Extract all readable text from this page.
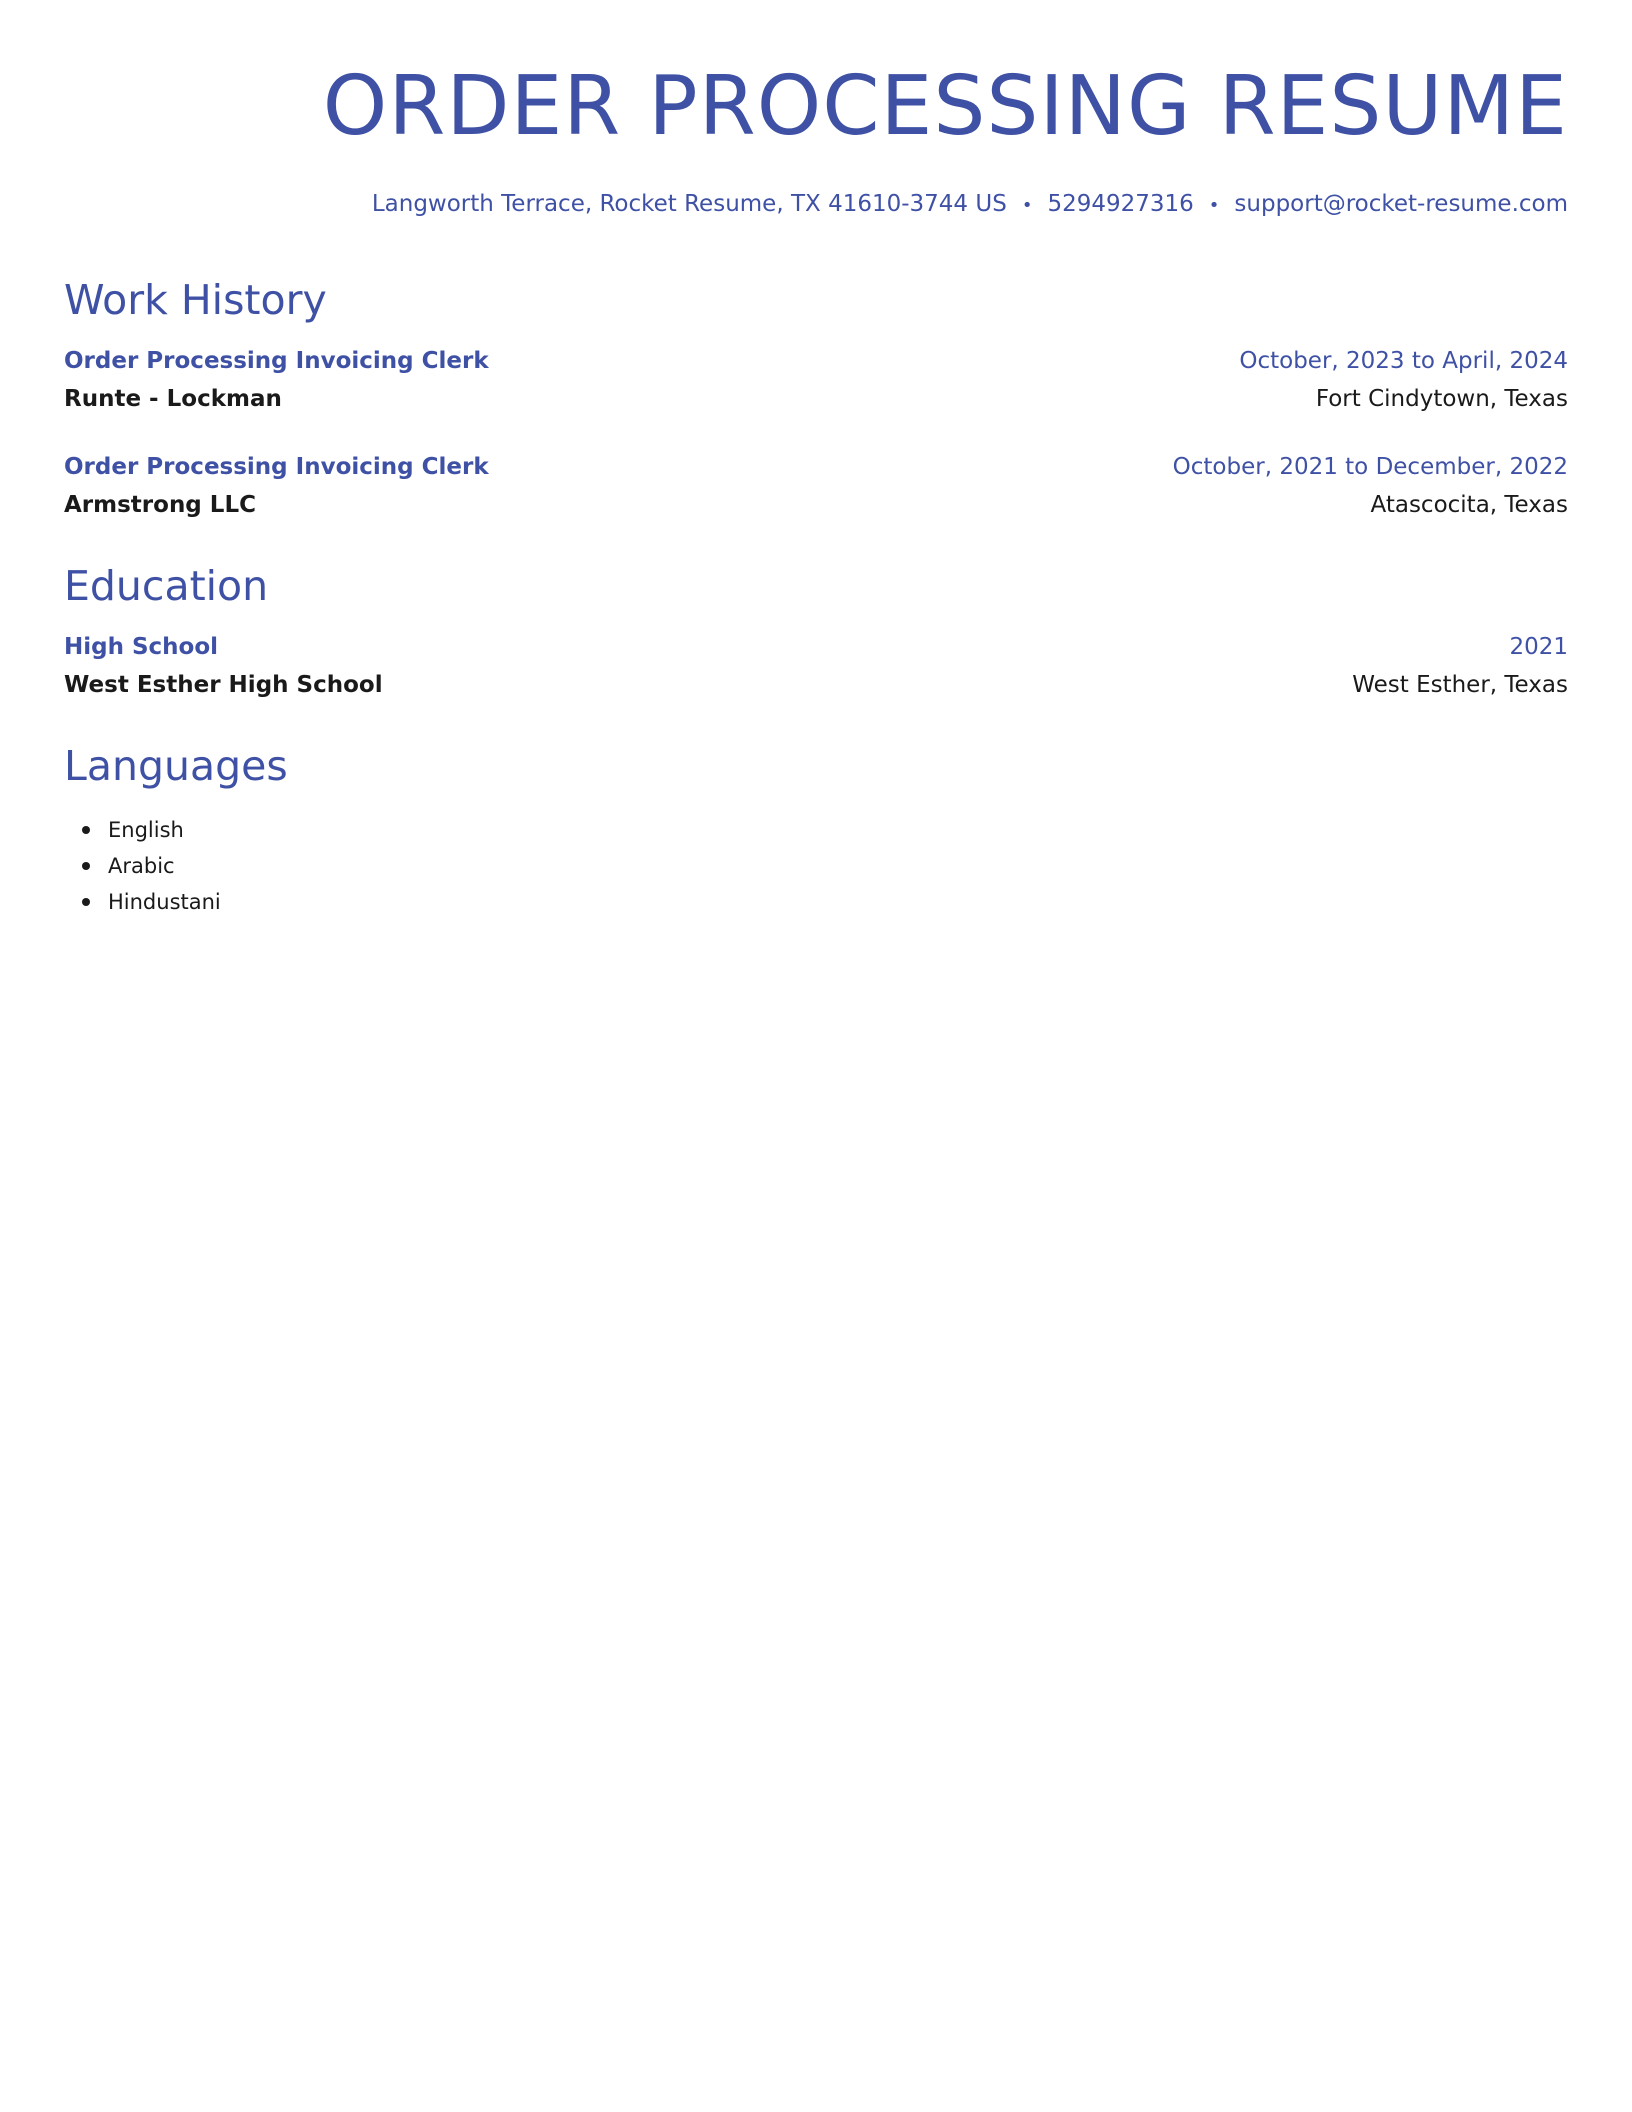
ORDER PROCESSING RESUME
Langworth Terrace, Rocket Resume, TX 41610-3744 US • 5294927316 • support@rocket-resume.com
Work History
Order Processing Invoicing Clerk	October, 2023 to April, 2024
Runte - Lockman	Fort Cindytown, Texas
Order Processing Invoicing Clerk	October, 2021 to December, 2022
Armstrong LLC	Atascocita, Texas
Education
High School	2021
West Esther High School	West Esther, Texas
Languages
English
Arabic
Hindustani
